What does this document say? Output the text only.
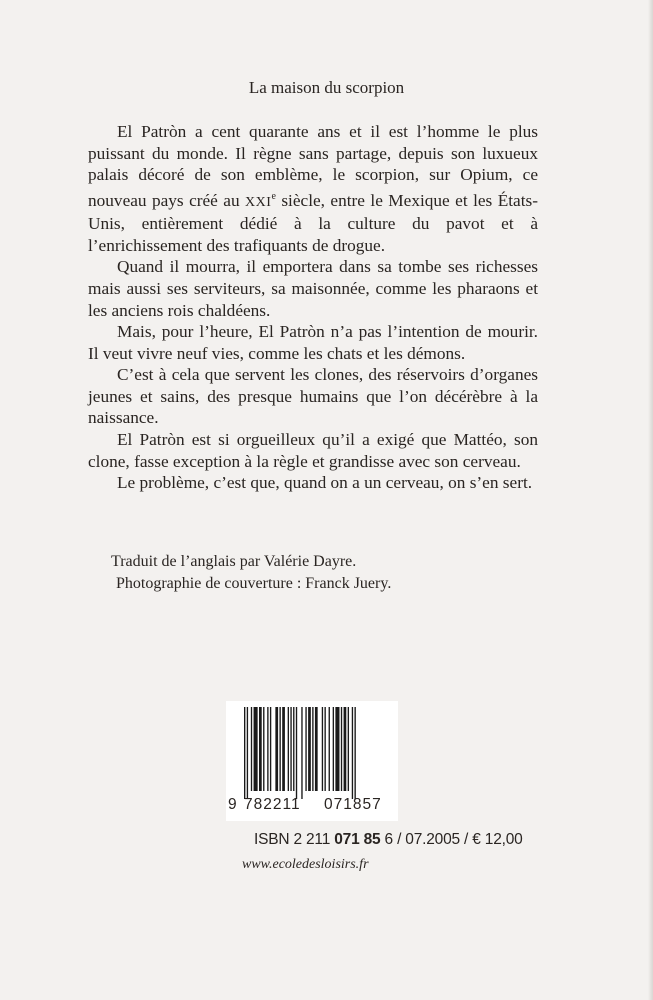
La maison du scorpion

El Patròn a cent quarante ans et il est l’homme le plus puissant du monde. Il règne sans partage, depuis son luxueux palais décoré de son emblème, le scorpion, sur Opium, ce nouveau pays créé au XXIe siècle, entre le Mexique et les États-Unis, entièrement dédié à la culture du pavot et à l’enrichissement des trafiquants de drogue.

Quand il mourra, il emportera dans sa tombe ses richesses mais aussi ses serviteurs, sa maisonnée, comme les pharaons et les anciens rois chaldéens.

Mais, pour l’heure, El Patròn n’a pas l’intention de mourir. Il veut vivre neuf vies, comme les chats et les démons.

C’est à cela que servent les clones, des réservoirs d’organes jeunes et sains, des presque humains que l’on décérèbre à la naissance.

El Patròn est si orgueilleux qu’il a exigé que Mattéo, son clone, fasse exception à la règle et grandisse avec son cerveau.

Le problème, c’est que, quand on a un cerveau, on s’en sert.

Traduit de l’anglais par Valérie Dayre.
Photographie de couverture : Franck Juery.
9 782211 071857
ISBN 2 211 071 85 6 / 07.2005 / € 12,00
www.ecoledesloisirs.fr
